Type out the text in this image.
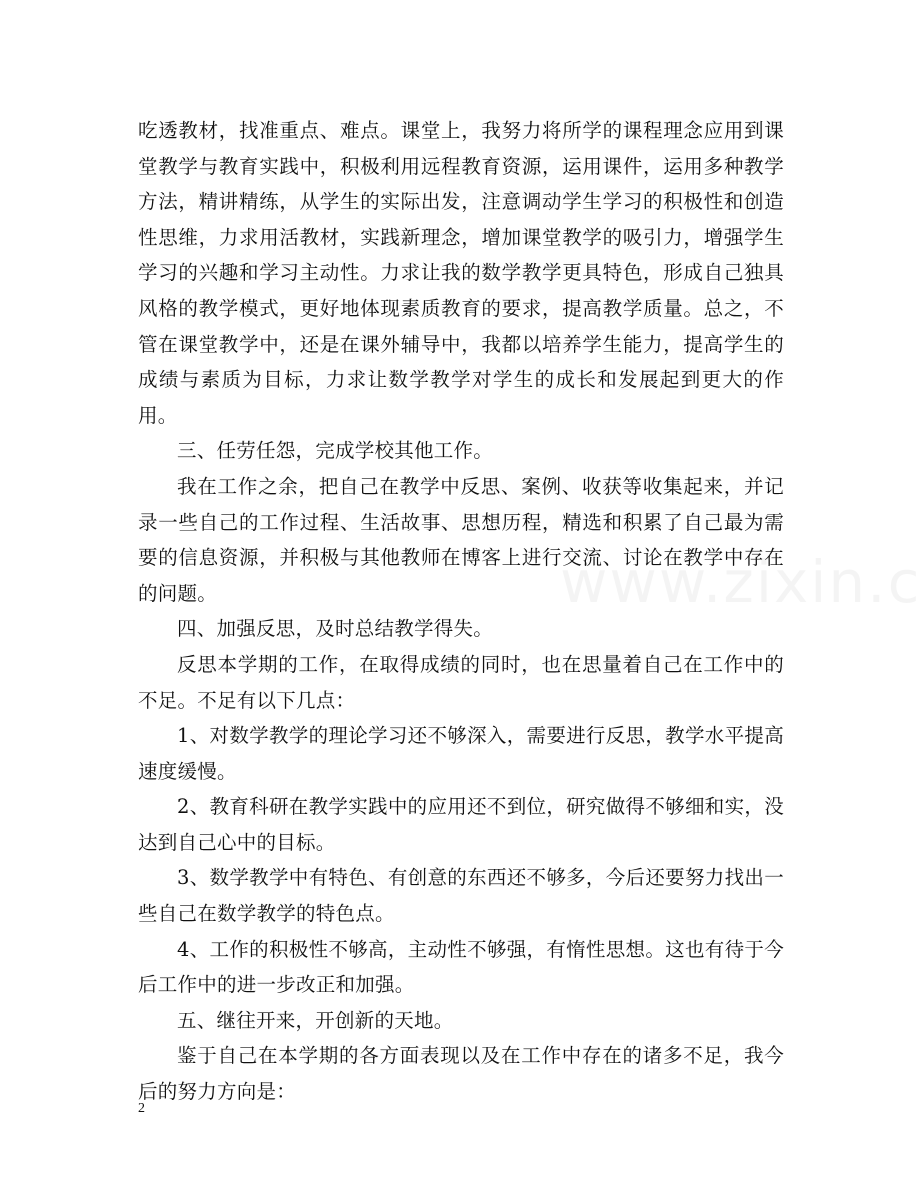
吃透教材，找准重点、难点。课堂上，我努力将所学的课程理念应用到课堂教学与教育实践中，积极利用远程教育资源，运用课件，运用多种教学方法，精讲精练，从学生的实际出发，注意调动学生学习的积极性和创造性思维，力求用活教材，实践新理念，增加课堂教学的吸引力，增强学生学习的兴趣和学习主动性。力求让我的数学教学更具特色，形成自己独具风格的教学模式，更好地体现素质教育的要求，提高教学质量。总之，不管在课堂教学中，还是在课外辅导中，我都以培养学生能力，提高学生的成绩与素质为目标，力求让数学教学对学生的成长和发展起到更大的作用。

三、任劳任怨，完成学校其他工作。

我在工作之余，把自己在教学中反思、案例、收获等收集起来，并记录一些自己的工作过程、生活故事、思想历程，精选和积累了自己最为需要的信息资源，并积极与其他教师在博客上进行交流、讨论在教学中存在的问题。

四、加强反思，及时总结教学得失。

反思本学期的工作，在取得成绩的同时，也在思量着自己在工作中的不足。不足有以下几点：

1、对数学教学的理论学习还不够深入，需要进行反思，教学水平提高速度缓慢。

2、教育科研在教学实践中的应用还不到位，研究做得不够细和实，没达到自己心中的目标。

3、数学教学中有特色、有创意的东西还不够多，今后还要努力找出一些自己在数学教学的特色点。

4、工作的积极性不够高，主动性不够强，有惰性思想。这也有待于今后工作中的进一步改正和加强。

五、继往开来，开创新的天地。

鉴于自己在本学期的各方面表现以及在工作中存在的诸多不足，我今后的努力方向是：

2
